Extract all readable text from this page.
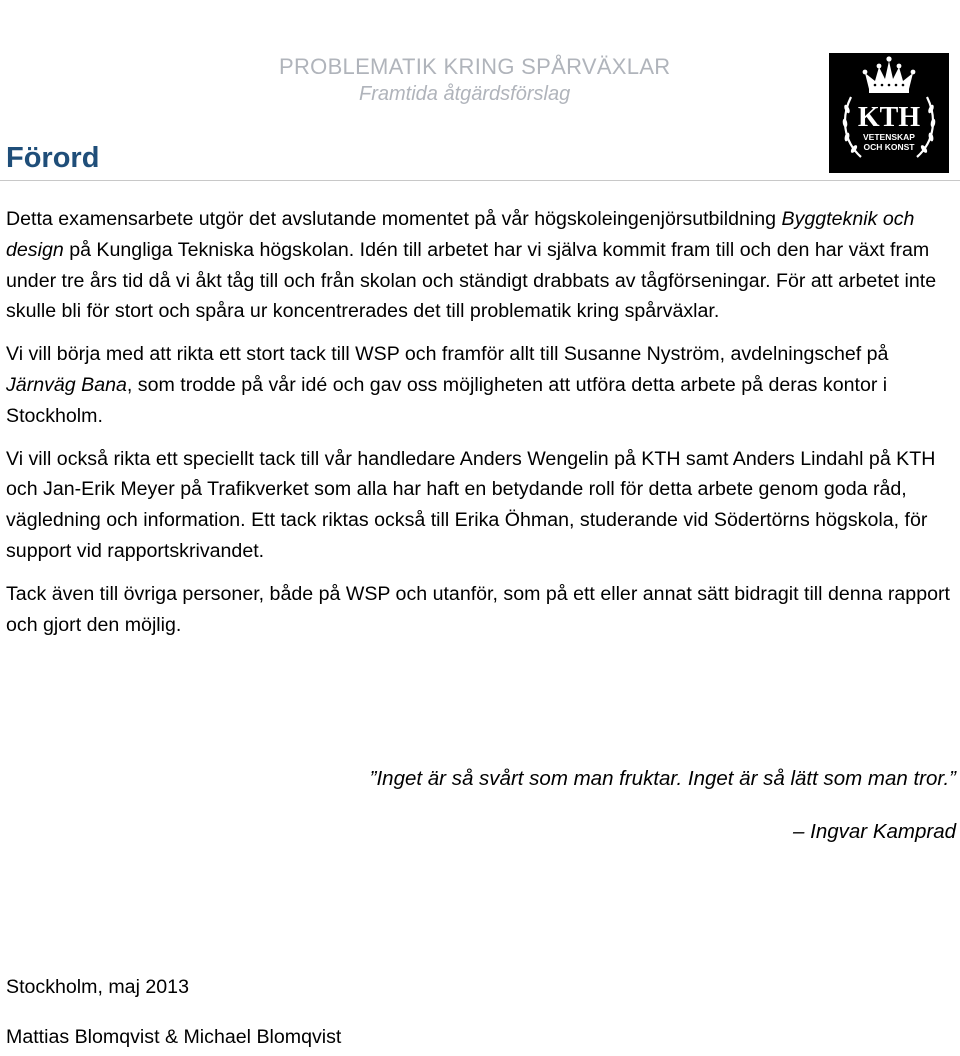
PROBLEMATIK KRING SPÅRVÄXLAR
Framtida åtgärdsförslag
KTH
VETENSKAP
OCH KONST
Förord

Detta examensarbete utgör det avslutande momentet på vår högskoleingenjörsutbildning Byggteknik och design på Kungliga Tekniska högskolan. Idén till arbetet har vi själva kommit fram till och den har växt fram under tre års tid då vi åkt tåg till och från skolan och ständigt drabbats av tågförseningar. För att arbetet inte skulle bli för stort och spåra ur koncentrerades det till problematik kring spårväxlar.

Vi vill börja med att rikta ett stort tack till WSP och framför allt till Susanne Nyström, avdelningschef på Järnväg Bana, som trodde på vår idé och gav oss möjligheten att utföra detta arbete på deras kontor i Stockholm.

Vi vill också rikta ett speciellt tack till vår handledare Anders Wengelin på KTH samt Anders Lindahl på KTH och Jan-Erik Meyer på Trafikverket som alla har haft en betydande roll för detta arbete genom goda råd, vägledning och information. Ett tack riktas också till Erika Öhman, studerande vid Södertörns högskola, för support vid rapportskrivandet.

Tack även till övriga personer, både på WSP och utanför, som på ett eller annat sätt bidragit till denna rapport och gjort den möjlig.

”Inget är så svårt som man fruktar. Inget är så lätt som man tror.”
– Ingvar Kamprad
Stockholm, maj 2013
Mattias Blomqvist & Michael Blomqvist
